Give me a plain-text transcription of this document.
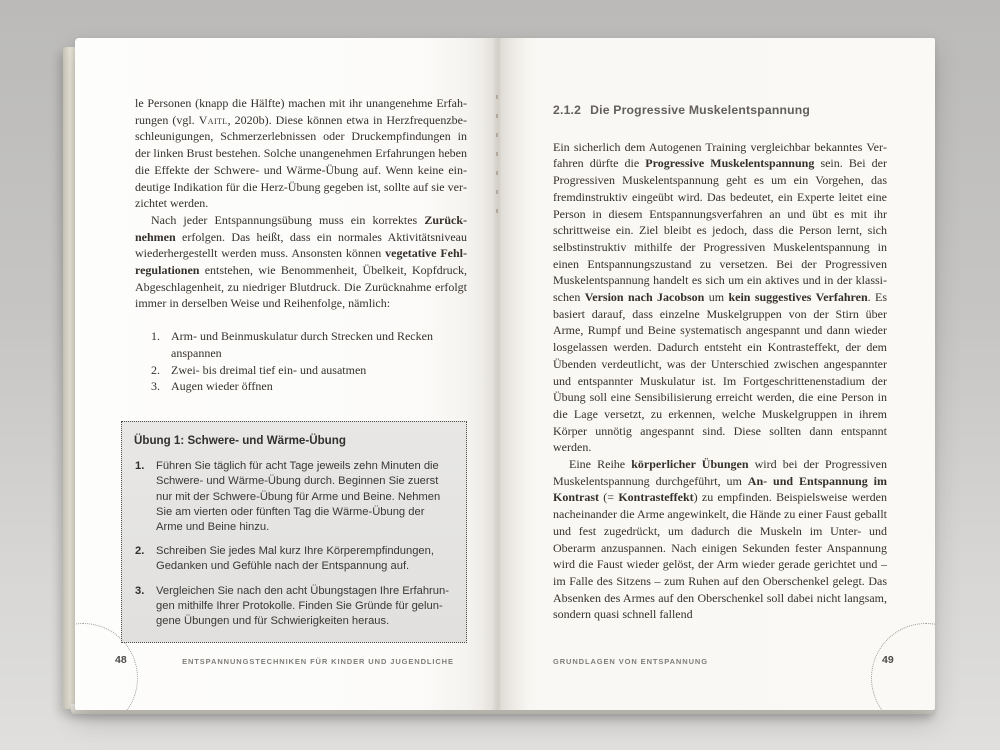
le Personen (knapp die Hälfte) machen mit ihr unangenehme Erfahrungen (vgl. Vaitl, 2020b). Diese können etwa in Herzfrequenzbeschleunigungen, Schmerzerlebnissen oder Druckempfindungen in der linken Brust bestehen. Solche unangenehmen Erfahrungen heben die Effekte der Schwere- und Wärme-Übung auf. Wenn keine eindeutige Indikation für die Herz-Übung gegeben ist, sollte auf sie verzichtet werden.

Nach jeder Entspannungsübung muss ein korrektes Zurücknehmen erfolgen. Das heißt, dass ein normales Aktivitätsniveau wiederhergestellt werden muss. Ansonsten können vegetative Fehlregulationen entstehen, wie Benommenheit, Übelkeit, Kopfdruck, Abgeschlagenheit, zu niedriger Blutdruck. Die Zurücknahme erfolgt immer in derselben Weise und Reihenfolge, nämlich:

Arm- und Beinmuskulatur durch Strecken und Recken anspannen
Zwei- bis dreimal tief ein- und ausatmen
Augen wieder öffnen
Übung 1: Schwere- und Wärme-Übung
Führen Sie täglich für acht Tage jeweils zehn Minuten die Schwere- und Wärme-Übung durch. Beginnen Sie zuerst nur mit der Schwere-Übung für Arme und Beine. Nehmen Sie am vierten oder fünften Tag die Wärme-Übung der Arme und Beine hinzu.
Schreiben Sie jedes Mal kurz Ihre Körperempfindungen, Gedanken und Gefühle nach der Entspannung auf.
Vergleichen Sie nach den acht Übungstagen Ihre Erfahrungen mithilfe Ihrer Protokolle. Finden Sie Gründe für gelungene Übungen und für Schwierigkeiten heraus.
48	ENTSPANNUNGSTECHNIKEN FÜR KINDER UND JUGENDLICHE
2.1.2 Die Progressive Muskelentspannung

Ein sicherlich dem Autogenen Training vergleichbar bekanntes Verfahren dürfte die Progressive Muskelentspannung sein. Bei der Progressiven Muskelentspannung geht es um ein Vorgehen, das fremdinstruktiv eingeübt wird. Das bedeutet, ein Experte leitet eine Person in diesem Entspannungsverfahren an und übt es mit ihr schrittweise ein. Ziel bleibt es jedoch, dass die Person lernt, sich selbstinstruktiv mithilfe der Progressiven Muskelentspannung in einen Entspannungszustand zu versetzen. Bei der Progressiven Muskelentspannung handelt es sich um ein aktives und in der klassischen Version nach Jacobson um kein suggestives Verfahren. Es basiert darauf, dass einzelne Muskelgruppen von der Stirn über Arme, Rumpf und Beine systematisch angespannt und dann wieder losgelassen werden. Dadurch entsteht ein Kontrasteffekt, der dem Übenden verdeutlicht, was der Unterschied zwischen angespannter und entspannter Muskulatur ist. Im Fortgeschrittenenstadium der Übung soll eine Sensibilisierung erreicht werden, die eine Person in die Lage versetzt, zu erkennen, welche Muskelgruppen in ihrem Körper unnötig angespannt sind. Diese sollten dann entspannt werden.

Eine Reihe körperlicher Übungen wird bei der Progressiven Muskelentspannung durchgeführt, um An- und Entspannung im Kontrast (= Kontrasteffekt) zu empfinden. Beispielsweise werden nacheinander die Arme angewinkelt, die Hände zu einer Faust geballt und fest zugedrückt, um dadurch die Muskeln im Unter- und Oberarm anzuspannen. Nach einigen Sekunden fester Anspannung wird die Faust wieder gelöst, der Arm wieder gerade gerichtet und – im Falle des Sitzens – zum Ruhen auf den Oberschenkel gelegt. Das Absenken des Armes auf den Oberschenkel soll dabei nicht langsam, sondern quasi schnell fallend

49
GRUNDLAGEN VON ENTSPANNUNG
